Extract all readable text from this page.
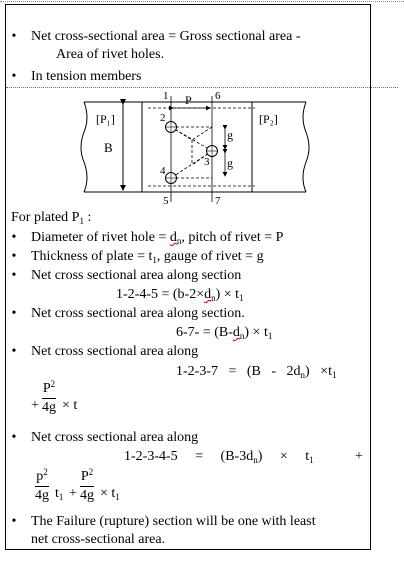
• Net cross-sectional area = Gross sectional area -
Area of rivet holes.
• In tension members
[P₁]	[P₂]
B
P
g
g
1	6
5	7
2
3
4
For plated $P_1$ :
• Diameter of rivet hole = $d_n$, pitch of rivet = P
• Thickness of plate = $t_1$, gauge of rivet = g
• Net cross sectional area along section
$1-2-4-5 = (b-2\times d_n) \times t_1$
• Net cross sectional area along section.
$6-7- = (B-d_n) \times t_1$
• Net cross sectional area along
$1-2-3-7 = (B - 2d_n) \times t_1$
+
$P^2$
4g × t
• Net cross sectional area along
1-2-3-4-5     =     $(B-3d_n)$     ×     $t_1$	+
$p^2$
4g $t_1$ +
$P^2$
$4g \times t_1$
• The Failure (rupture) section will be one with least
net cross-sectional area.
